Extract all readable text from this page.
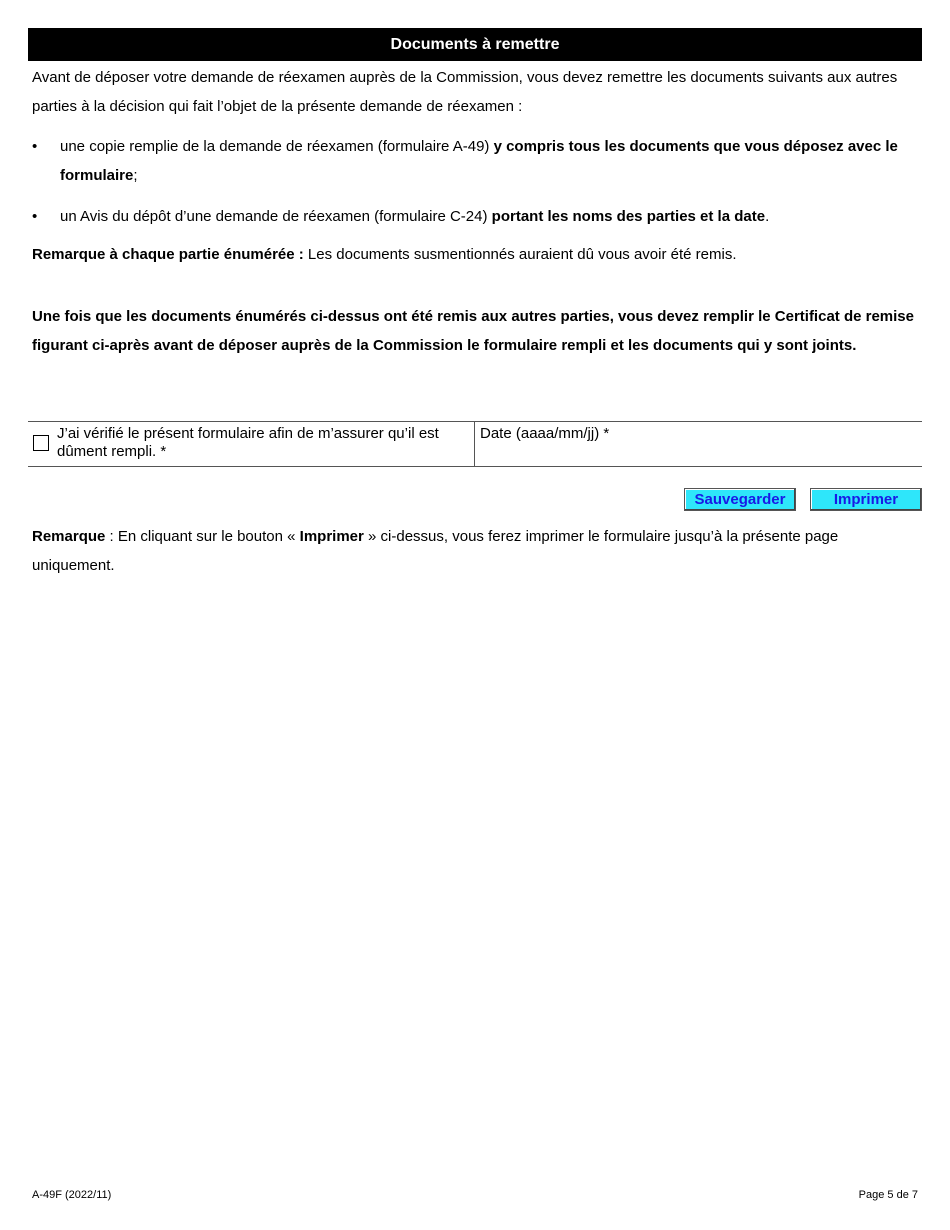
Documents à remettre

Avant de déposer votre demande de réexamen auprès de la Commission, vous devez remettre les documents suivants aux autres parties à la décision qui fait l’objet de la présente demande de réexamen :

• une copie remplie de la demande de réexamen (formulaire A-49) y compris tous les documents que vous déposez avec le formulaire;
• un Avis du dépôt d’une demande de réexamen (formulaire C-24) portant les noms des parties et la date.

Remarque à chaque partie énumérée : Les documents susmentionnés auraient dû vous avoir été remis.

Une fois que les documents énumérés ci-dessus ont été remis aux autres parties, vous devez remplir le Certificat de remise figurant ci-après avant de déposer auprès de la Commission le formulaire rempli et les documents qui y sont joints.

J’ai vérifié le présent formulaire afin de m’assurer qu’il est dûment rempli. *
Date (aaaa/mm/jj) *
Sauvegarder	Imprimer

Remarque : En cliquant sur le bouton « Imprimer » ci-dessus, vous ferez imprimer le formulaire jusqu’à la présente page uniquement.

A-49F (2022/11)	Page 5 de 7
